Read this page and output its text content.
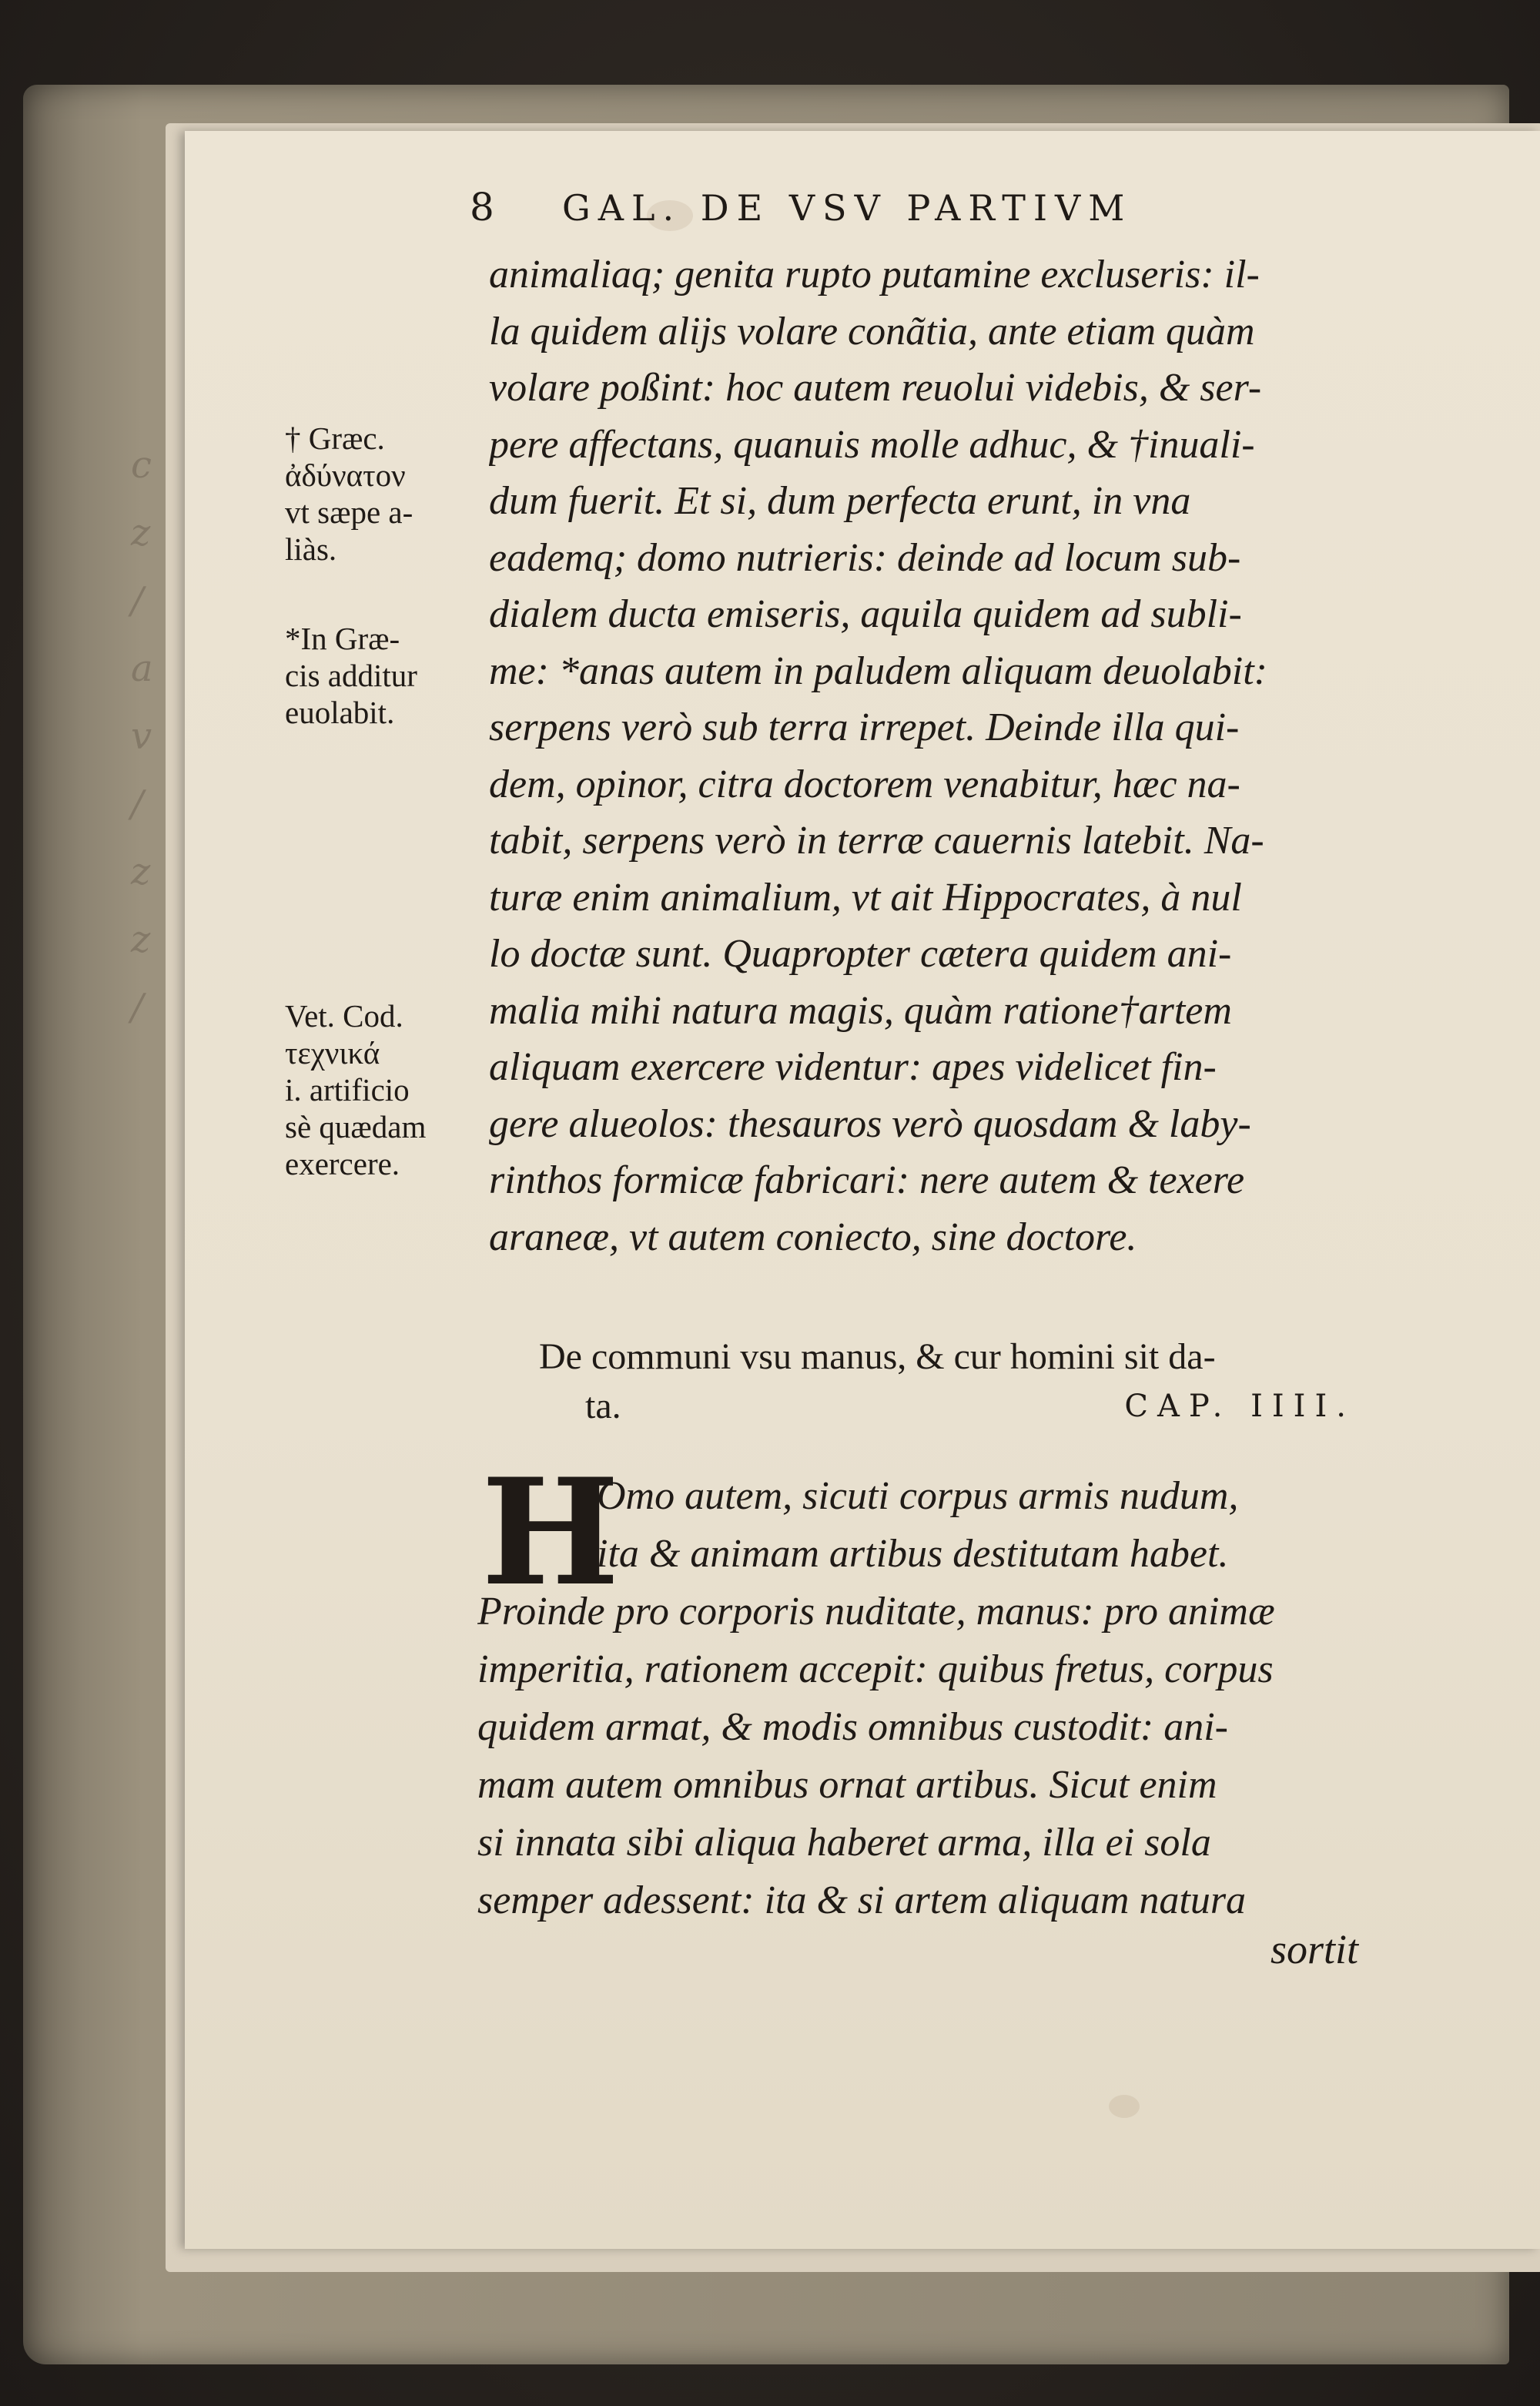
c
z
/
a
v
/
z
z
/
8 GAL. DE VSV PARTIVM
animaliaq; genita rupto putamine excluseris: il-
la quidem alijs volare conãtia, ante etiam quàm
volare poßint: hoc autem reuolui videbis, & ser-
pere affectans, quanuis molle adhuc, & †inuali-
dum fuerit. Et si, dum perfecta erunt, in vna
eademq; domo nutrieris: deinde ad locum sub-
dialem ducta emiseris, aquila quidem ad subli-
me: *anas autem in paludem aliquam deuolabit:
serpens verò sub terra irrepet. Deinde illa qui-
dem, opinor, citra doctorem venabitur, hæc na-
tabit, serpens verò in terræ cauernis latebit. Na-
turæ enim animalium, vt ait Hippocrates, à nul
lo doctæ sunt. Quapropter cætera quidem ani-
malia mihi natura magis, quàm ratione†artem
aliquam exercere videntur: apes videlicet fin-
gere alueolos: thesauros verò quosdam & laby-
rinthos formicæ fabricari: nere autem & texere
araneæ, vt autem coniecto, sine doctore.
† Græc.
ἀδύνατον
vt sæpe a-
liàs.
*In Græ-
cis additur
euolabit.
Vet. Cod.
τεχνικά
i. artificio
sè quædam
exercere.
De communi vsu manus, & cur homini sit da-
ta.	CAP. IIII.
H
Omo autem, sicuti corpus armis nudum,
ita & animam artibus destitutam habet.
Proinde pro corporis nuditate, manus: pro animæ
imperitia, rationem accepit: quibus fretus, corpus
quidem armat, & modis omnibus custodit: ani-
mam autem omnibus ornat artibus. Sicut enim
si innata sibi aliqua haberet arma, illa ei sola
semper adessent: ita & si artem aliquam natura
sortit
